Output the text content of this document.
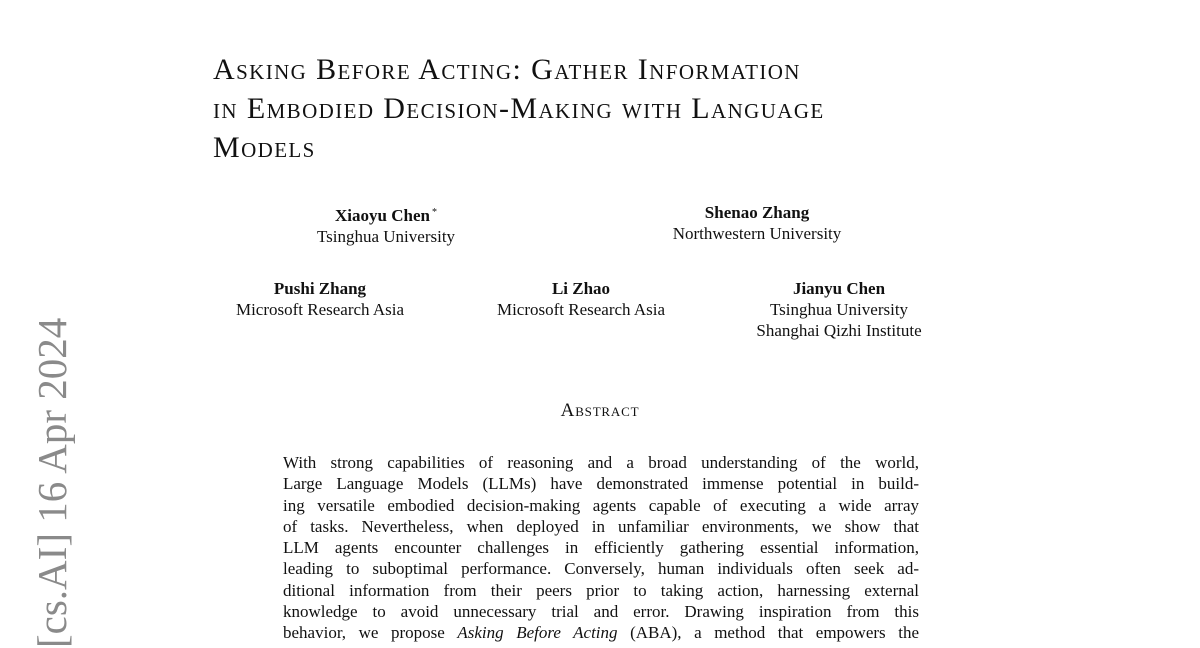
[cs.AI] 16 Apr 2024
Asking Before Acting: Gather Information
in Embodied Decision-Making with Language
Models
Xiaoyu Chen *
Tsinghua University
Shenao Zhang
Northwestern University
Pushi Zhang
Microsoft Research Asia
Li Zhao
Microsoft Research Asia
Jianyu Chen
Tsinghua University
Shanghai Qizhi Institute
Abstract
With strong capabilities of reasoning and a broad understanding of the world,
Large Language Models (LLMs) have demonstrated immense potential in build-
ing versatile embodied decision-making agents capable of executing a wide array
of tasks. Nevertheless, when deployed in unfamiliar environments, we show that
LLM agents encounter challenges in efficiently gathering essential information,
leading to suboptimal performance. Conversely, human individuals often seek ad-
ditional information from their peers prior to taking action, harnessing external
knowledge to avoid unnecessary trial and error. Drawing inspiration from this
behavior, we propose Asking Before Acting (ABA), a method that empowers the
